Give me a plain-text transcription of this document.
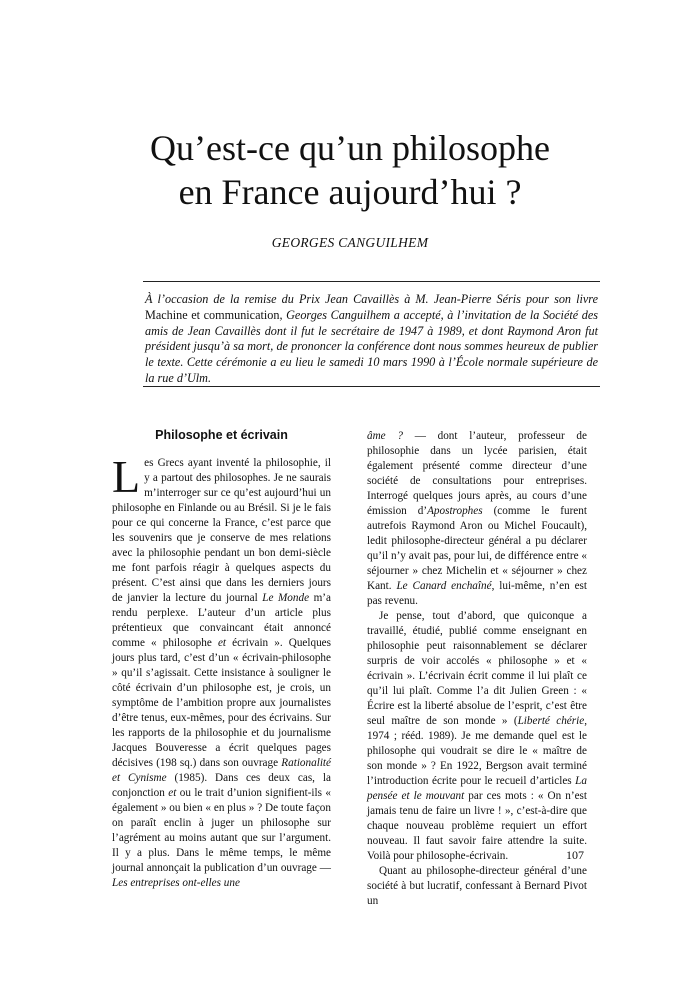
Qu’est-ce qu’un philosophe
en France aujourd’hui ?
GEORGES CANGUILHEM
À l’occasion de la remise du Prix Jean Cavaillès à M. Jean-Pierre Séris pour son livre Machine et communication, Georges Canguilhem a accepté, à l’invitation de la Société des amis de Jean Cavaillès dont il fut le secrétaire de 1947 à 1989, et dont Raymond Aron fut président jusqu’à sa mort, de prononcer la conférence dont nous sommes heureux de publier le texte. Cette cérémonie a eu lieu le samedi 10 mars 1990 à l’École normale supérieure de la rue d’Ulm.
Philosophe et écrivain

Les Grecs ayant inventé la philosophie, il y a partout des philosophes. Je ne saurais m’interroger sur ce qu’est aujourd’hui un philosophe en Finlande ou au Brésil. Si je le fais pour ce qui concerne la France, c’est parce que les souvenirs que je conserve de mes relations avec la philosophie pendant un bon demi-siècle me font parfois réagir à quelques aspects du présent. C’est ainsi que dans les derniers jours de janvier la lecture du journal Le Monde m’a rendu perplexe. L’auteur d’un article plus prétentieux que convaincant était annoncé comme « philosophe et écrivain ». Quelques jours plus tard, c’est d’un « écrivain-philosophe » qu’il s’agissait. Cette insistance à souligner le côté écrivain d’un philosophe est, je crois, un symptôme de l’ambition propre aux journalistes d’être tenus, eux-mêmes, pour des écrivains. Sur les rapports de la philosophie et du journalisme Jacques Bouveresse a écrit quelques pages décisives (198 sq.) dans son ouvrage Rationalité et Cynisme (1985). Dans ces deux cas, la conjonction et ou le trait d’union signifient-ils « également » ou bien « en plus » ? De toute façon on paraît enclin à juger un philosophe sur l’agrément au moins autant que sur l’argument. Il y a plus. Dans le même temps, le même journal annonçait la publication d’un ouvrage — Les entreprises ont-elles une

âme ? — dont l’auteur, professeur de philosophie dans un lycée parisien, était également présenté comme directeur d’une société de consultations pour entreprises. Interrogé quelques jours après, au cours d’une émission d’Apostrophes (comme le furent autrefois Raymond Aron ou Michel Foucault), ledit philosophe-directeur général a pu déclarer qu’il n’y avait pas, pour lui, de différence entre « séjourner » chez Michelin et « séjourner » chez Kant. Le Canard enchaîné, lui-même, n’en est pas revenu.

Je pense, tout d’abord, que quiconque a travaillé, étudié, publié comme enseignant en philosophie peut raisonnablement se déclarer surpris de voir accolés « philosophe » et « écrivain ». L’écrivain écrit comme il lui plaît ce qu’il lui plaît. Comme l’a dit Julien Green : « Écrire est la liberté absolue de l’esprit, c’est être seul maître de son monde » (Liberté chérie, 1974 ; rééd. 1989). Je me demande quel est le philosophe qui voudrait se dire le « maître de son monde » ? En 1922, Bergson avait terminé l’introduction écrite pour le recueil d’articles La pensée et le mouvant par ces mots : « On n’est jamais tenu de faire un livre ! », c’est-à-dire que chaque nouveau problème requiert un effort nouveau. Il faut savoir faire attendre la suite. Voilà pour philosophe-écrivain.

Quant au philosophe-directeur général d’une société à but lucratif, confessant à Bernard Pivot un

107
